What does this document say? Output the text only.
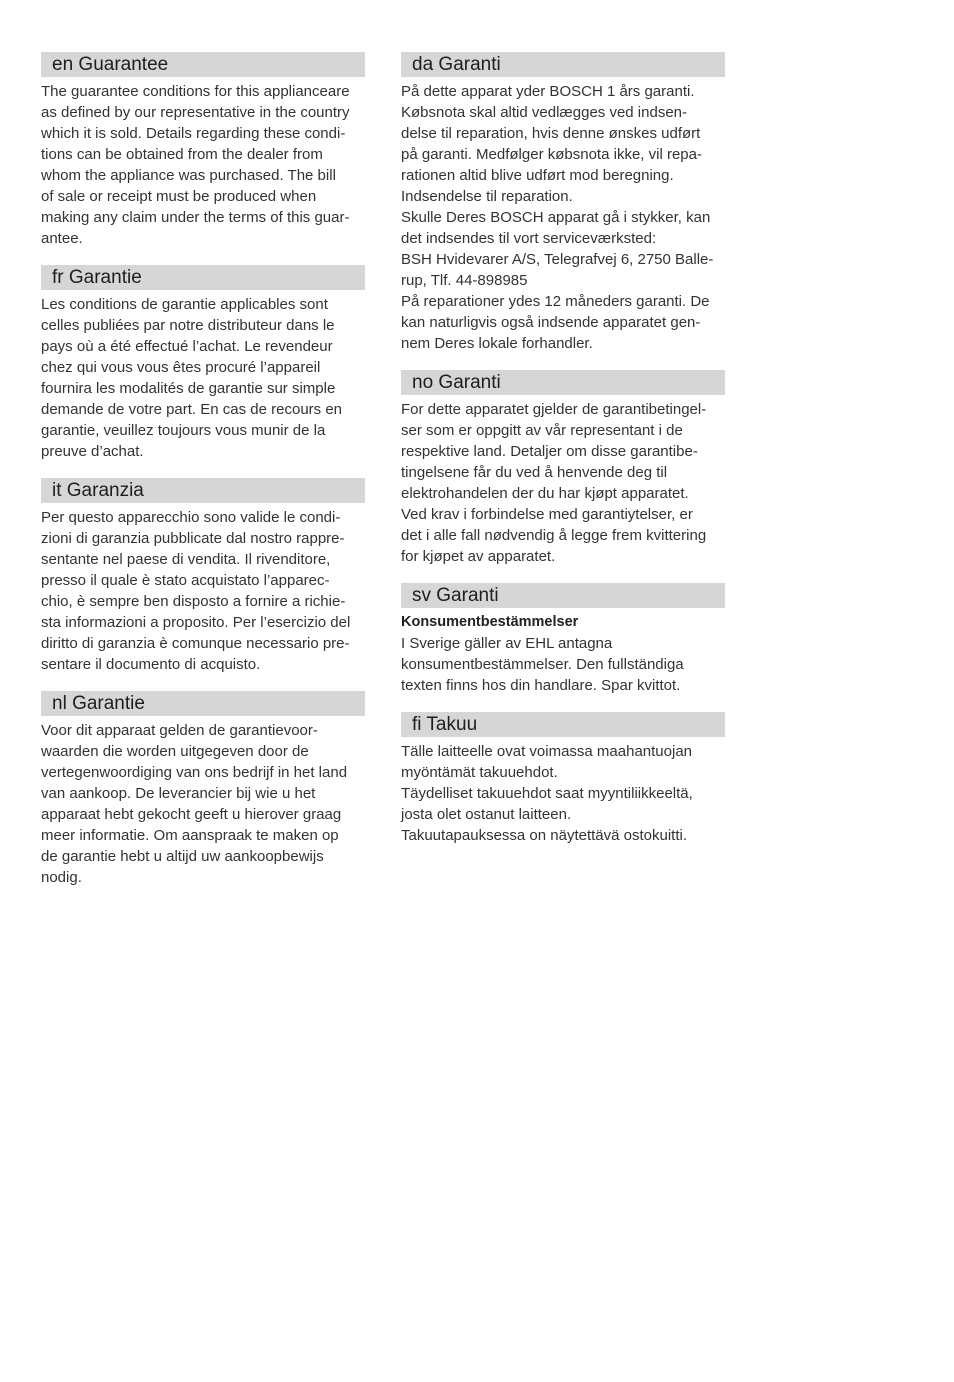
en Guarantee
The guarantee conditions for this applianceare
as defined by our representative in the country
which it is sold. Details regarding these condi-
tions can be obtained from the dealer from
whom the appliance was purchased. The bill
of sale or receipt must be produced when
making any claim under the terms of this guar-
antee.
fr Garantie
Les conditions de garantie applicables sont
celles publiées par notre distributeur dans le
pays où a été effectué l’achat. Le revendeur
chez qui vous vous êtes procuré l’appareil
fournira les modalités de garantie sur simple
demande de votre part. En cas de recours en
garantie, veuillez toujours vous munir de la
preuve d’achat.
it Garanzia
Per questo apparecchio sono valide le condi-
zioni di garanzia pubblicate dal nostro rappre-
sentante nel paese di vendita. Il rivenditore,
presso il quale è stato acquistato l’apparec-
chio, è sempre ben disposto a fornire a richie-
sta informazioni a proposito. Per l’esercizio del
diritto di garanzia è comunque necessario pre-
sentare il documento di acquisto.
nl Garantie
Voor dit apparaat gelden de garantievoor-
waarden die worden uitgegeven door de
vertegenwoordiging van ons bedrijf in het land
van aankoop. De leverancier bij wie u het
apparaat hebt gekocht geeft u hierover graag
meer informatie. Om aanspraak te maken op
de garantie hebt u altijd uw aankoopbewijs
nodig.
da Garanti
På dette apparat yder BOSCH 1 års garanti.
Købsnota skal altid vedlægges ved indsen-
delse til reparation, hvis denne ønskes udført
på garanti. Medfølger købsnota ikke, vil repa-
rationen altid blive udført mod beregning.
Indsendelse til reparation.
Skulle Deres BOSCH apparat gå i stykker, kan
det indsendes til vort serviceværksted:
BSH Hvidevarer A/S, Telegrafvej 6, 2750 Balle-
rup, Tlf. 44-898985
På reparationer ydes 12 måneders garanti. De
kan naturligvis også indsende apparatet gen-
nem Deres lokale forhandler.
no Garanti
For dette apparatet gjelder de garantibetingel-
ser som er oppgitt av vår representant i de
respektive land. Detaljer om disse garantibe-
tingelsene får du ved å henvende deg til
elektrohandelen der du har kjøpt apparatet.
Ved krav i forbindelse med garantiytelser, er
det i alle fall nødvendig å legge frem kvittering
for kjøpet av apparatet.
sv Garanti
Konsumentbestämmelser
I Sverige gäller av EHL antagna
konsumentbestämmelser. Den fullständiga
texten finns hos din handlare. Spar kvittot.
fi Takuu
Tälle laitteelle ovat voimassa maahantuojan
myöntämät takuuehdot.
Täydelliset takuuehdot saat myyntiliikkeeltä,
josta olet ostanut laitteen.
Takuutapauksessa on näytettävä ostokuitti.
